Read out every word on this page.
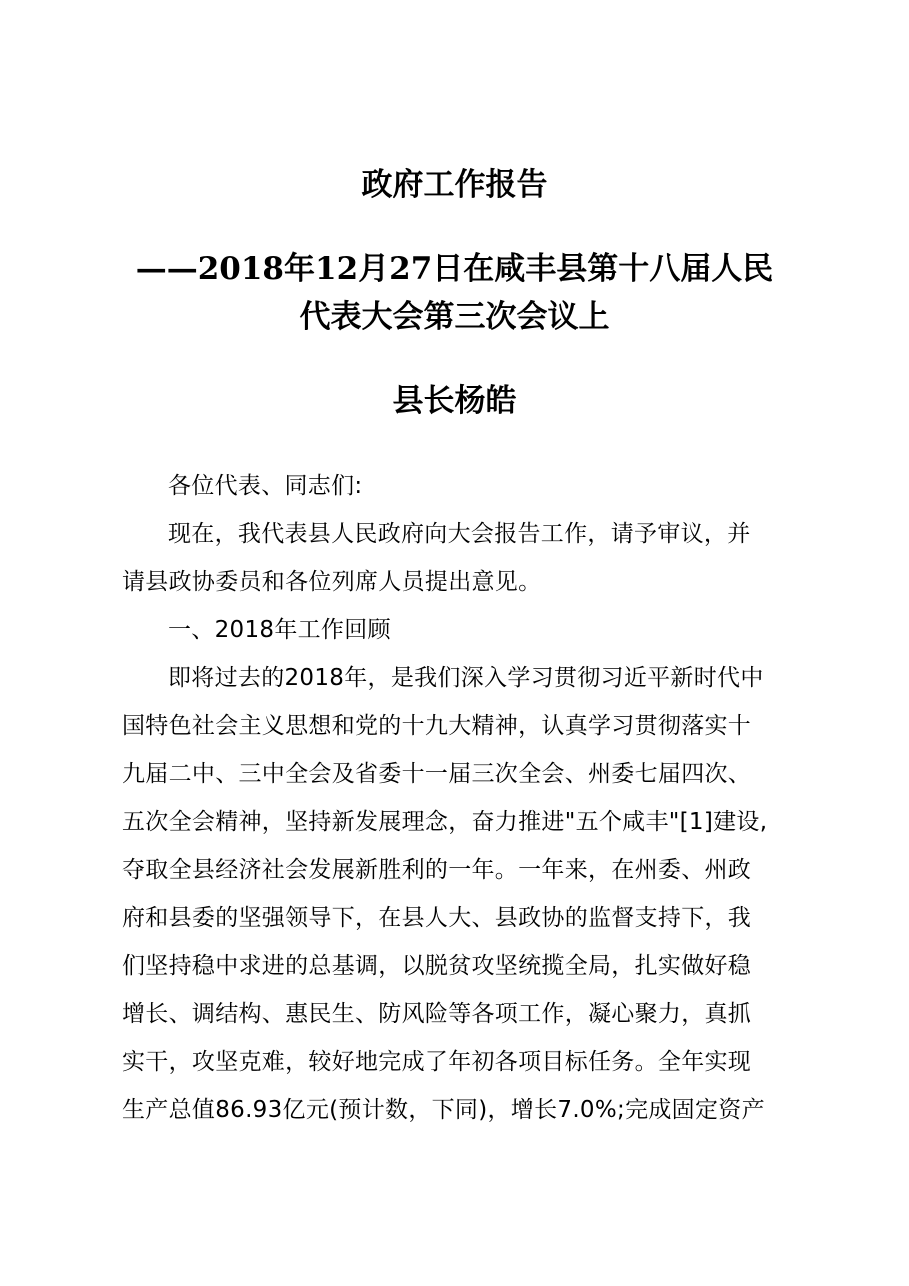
政府工作报告
——2018年12月27日在咸丰县第十八届人民
代表大会第三次会议上
县长杨皓
各位代表、同志们:
现在，我代表县人民政府向大会报告工作，请予审议，并
请县政协委员和各位列席人员提出意见。
一、2018年工作回顾
即将过去的2018年，是我们深入学习贯彻习近平新时代中
国特色社会主义思想和党的十九大精神，认真学习贯彻落实十
九届二中、三中全会及省委十一届三次全会、州委七届四次、
五次全会精神，坚持新发展理念，奋力推进"五个咸丰"[1]建设,
夺取全县经济社会发展新胜利的一年。一年来，在州委、州政
府和县委的坚强领导下，在县人大、县政协的监督支持下，我
们坚持稳中求进的总基调，以脱贫攻坚统揽全局，扎实做好稳
增长、调结构、惠民生、防风险等各项工作，凝心聚力，真抓
实干，攻坚克难，较好地完成了年初各项目标任务。全年实现
生产总值86.93亿元(预计数，下同)，增长7.0%;完成固定资产
